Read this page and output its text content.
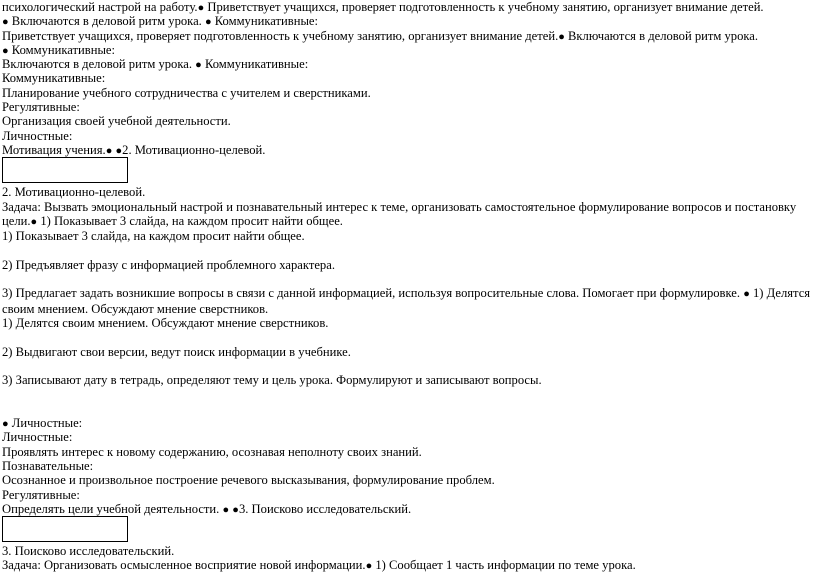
психологический настрой на работу.● Приветствует учащихся, проверяет подготовленность к учебному занятию, организует внимание детей.
● Включаются в деловой ритм урока. ● Коммуникативные:
Приветствует учащихся, проверяет подготовленность к учебному занятию, организует внимание детей.● Включаются в деловой ритм урока.
● Коммуникативные:
Включаются в деловой ритм урока. ● Коммуникативные:
Коммуникативные:
Планирование учебного сотрудничества с учителем и сверстниками.
Регулятивные:
Организация своей учебной деятельности.
Личностные:
Мотивация учения.● ●2. Мотивационно-целевой.
2. Мотивационно-целевой.
Задача: Вызвать эмоциональный настрой и познавательный интерес к теме, организовать самостоятельное формулирование вопросов и постановку цели.● 1) Показывает 3 слайда, на каждом просит найти общее.
1) Показывает 3 слайда, на каждом просит найти общее.
2) Предъявляет фразу с информацией проблемного характера.
3) Предлагает задать возникшие вопросы в связи с данной информацией, используя вопросительные слова. Помогает при формулировке. ● 1) Делятся своим мнением. Обсуждают мнение сверстников.
1) Делятся своим мнением. Обсуждают мнение сверстников.
2) Выдвигают свои версии, ведут поиск информации в учебнике.
3) Записывают дату в тетрадь, определяют тему и цель урока. Формулируют и записывают вопросы.
● Личностные:
Личностные:
Проявлять интерес к новому содержанию, осознавая неполноту своих знаний.
Познавательные:
Осознанное и произвольное построение речевого высказывания, формулирование проблем.
Регулятивные:
Определять цели учебной деятельности. ● ●3. Поисково исследовательский.
3. Поисково исследовательский.
Задача: Организовать осмысленное восприятие новой информации.● 1) Сообщает 1 часть информации по теме урока.
